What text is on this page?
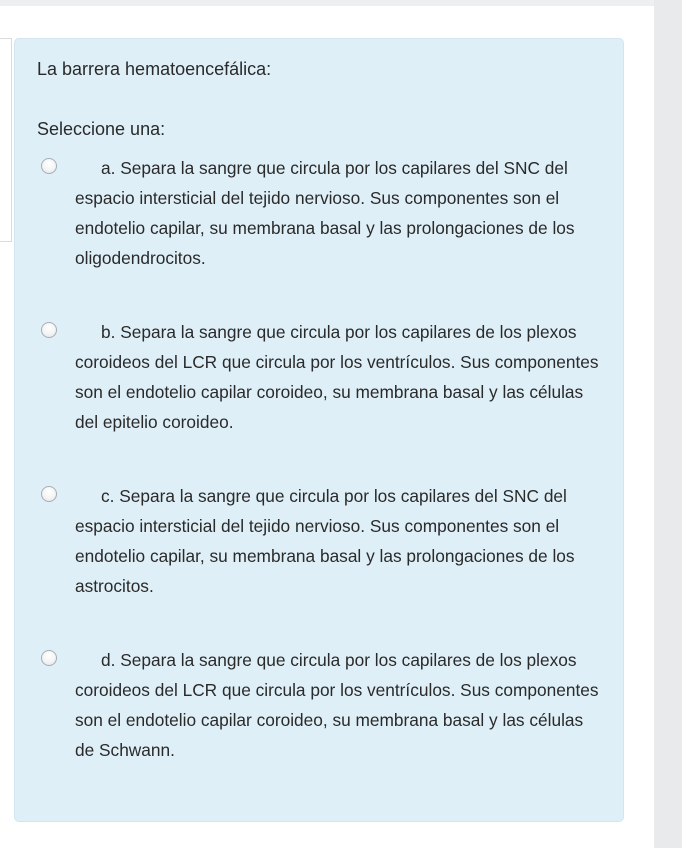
La barrera hematoencefálica:
Seleccione una:
a. Separa la sangre que circula por los capilares del SNC del espacio intersticial del tejido nervioso. Sus componentes son el endotelio capilar, su membrana basal y las prolongaciones de los oligodendrocitos.
b. Separa la sangre que circula por los capilares de los plexos coroideos del LCR que circula por los ventrículos. Sus componentes son el endotelio capilar coroideo, su membrana basal y las células del epitelio coroideo.
c. Separa la sangre que circula por los capilares del SNC del espacio intersticial del tejido nervioso. Sus componentes son el endotelio capilar, su membrana basal y las prolongaciones de los astrocitos.
d. Separa la sangre que circula por los capilares de los plexos coroideos del LCR que circula por los ventrículos. Sus componentes son el endotelio capilar coroideo, su membrana basal y las células de Schwann.
